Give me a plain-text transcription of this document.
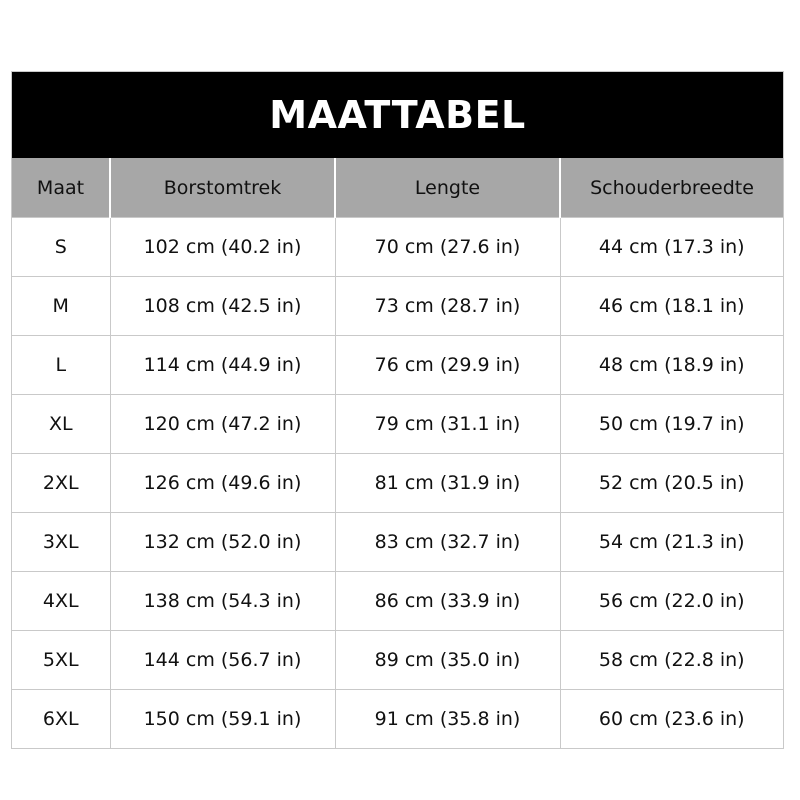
MAATTABEL
Maat	Borstomtrek	Lengte	Schouderbreedte
S	102 cm (40.2 in)	70 cm (27.6 in)	44 cm (17.3 in)
M	108 cm (42.5 in)	73 cm (28.7 in)	46 cm (18.1 in)
L	114 cm (44.9 in)	76 cm (29.9 in)	48 cm (18.9 in)
XL	120 cm (47.2 in)	79 cm (31.1 in)	50 cm (19.7 in)
2XL	126 cm (49.6 in)	81 cm (31.9 in)	52 cm (20.5 in)
3XL	132 cm (52.0 in)	83 cm (32.7 in)	54 cm (21.3 in)
4XL	138 cm (54.3 in)	86 cm (33.9 in)	56 cm (22.0 in)
5XL	144 cm (56.7 in)	89 cm (35.0 in)	58 cm (22.8 in)
6XL	150 cm (59.1 in)	91 cm (35.8 in)	60 cm (23.6 in)
